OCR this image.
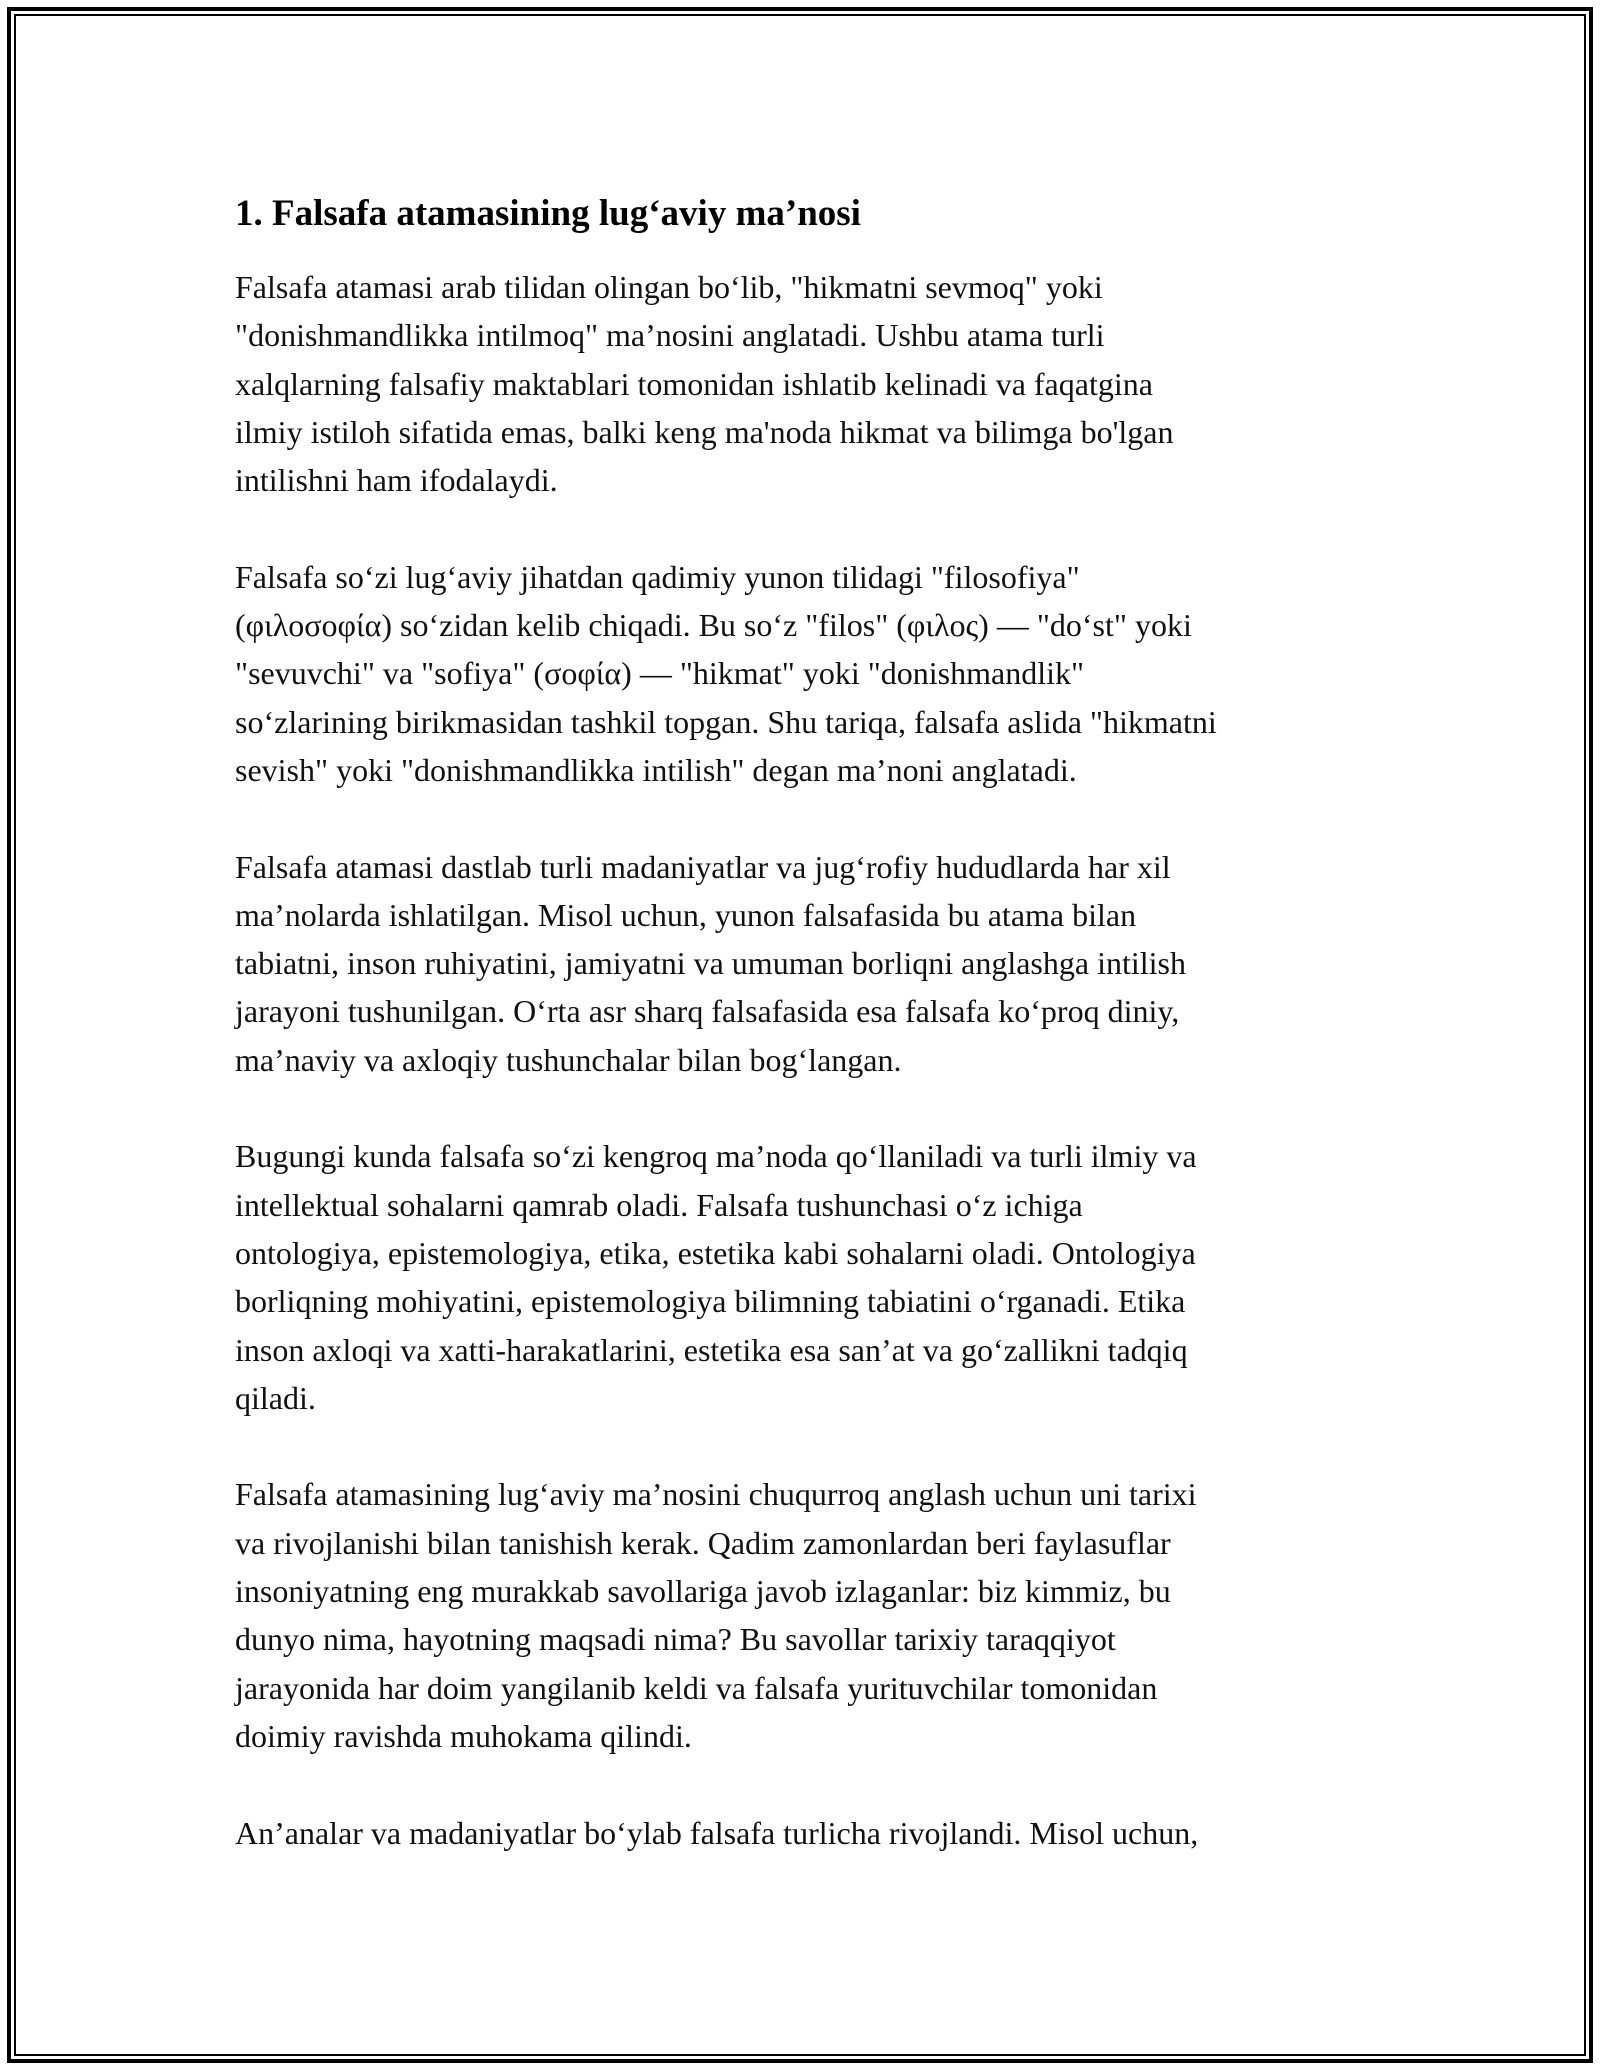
1. Falsafa atamasining lug‘aviy ma’nosi
Falsafa atamasi arab tilidan olingan bo‘lib, "hikmatni sevmoq" yoki
"donishmandlikka intilmoq" ma’nosini anglatadi. Ushbu atama turli
xalqlarning falsafiy maktablari tomonidan ishlatib kelinadi va faqatgina
ilmiy istiloh sifatida emas, balki keng ma'noda hikmat va bilimga bo'lgan
intilishni ham ifodalaydi.
Falsafa so‘zi lug‘aviy jihatdan qadimiy yunon tilidagi "filosofiya"
(φιλοσοφία) so‘zidan kelib chiqadi. Bu so‘z "filos" (φιλος) — "do‘st" yoki
"sevuvchi" va "sofiya" (σοφία) — "hikmat" yoki "donishmandlik"
so‘zlarining birikmasidan tashkil topgan. Shu tariqa, falsafa aslida "hikmatni
sevish" yoki "donishmandlikka intilish" degan ma’noni anglatadi.
Falsafa atamasi dastlab turli madaniyatlar va jug‘rofiy hududlarda har xil
ma’nolarda ishlatilgan. Misol uchun, yunon falsafasida bu atama bilan
tabiatni, inson ruhiyatini, jamiyatni va umuman borliqni anglashga intilish
jarayoni tushunilgan. O‘rta asr sharq falsafasida esa falsafa ko‘proq diniy,
ma’naviy va axloqiy tushunchalar bilan bog‘langan.
Bugungi kunda falsafa so‘zi kengroq ma’noda qo‘llaniladi va turli ilmiy va
intellektual sohalarni qamrab oladi. Falsafa tushunchasi o‘z ichiga
ontologiya, epistemologiya, etika, estetika kabi sohalarni oladi. Ontologiya
borliqning mohiyatini, epistemologiya bilimning tabiatini o‘rganadi. Etika
inson axloqi va xatti-harakatlarini, estetika esa san’at va go‘zallikni tadqiq
qiladi.
Falsafa atamasining lug‘aviy ma’nosini chuqurroq anglash uchun uni tarixi
va rivojlanishi bilan tanishish kerak. Qadim zamonlardan beri faylasuflar
insoniyatning eng murakkab savollariga javob izlaganlar: biz kimmiz, bu
dunyo nima, hayotning maqsadi nima? Bu savollar tarixiy taraqqiyot
jarayonida har doim yangilanib keldi va falsafa yurituvchilar tomonidan
doimiy ravishda muhokama qilindi.
An’analar va madaniyatlar bo‘ylab falsafa turlicha rivojlandi. Misol uchun,
